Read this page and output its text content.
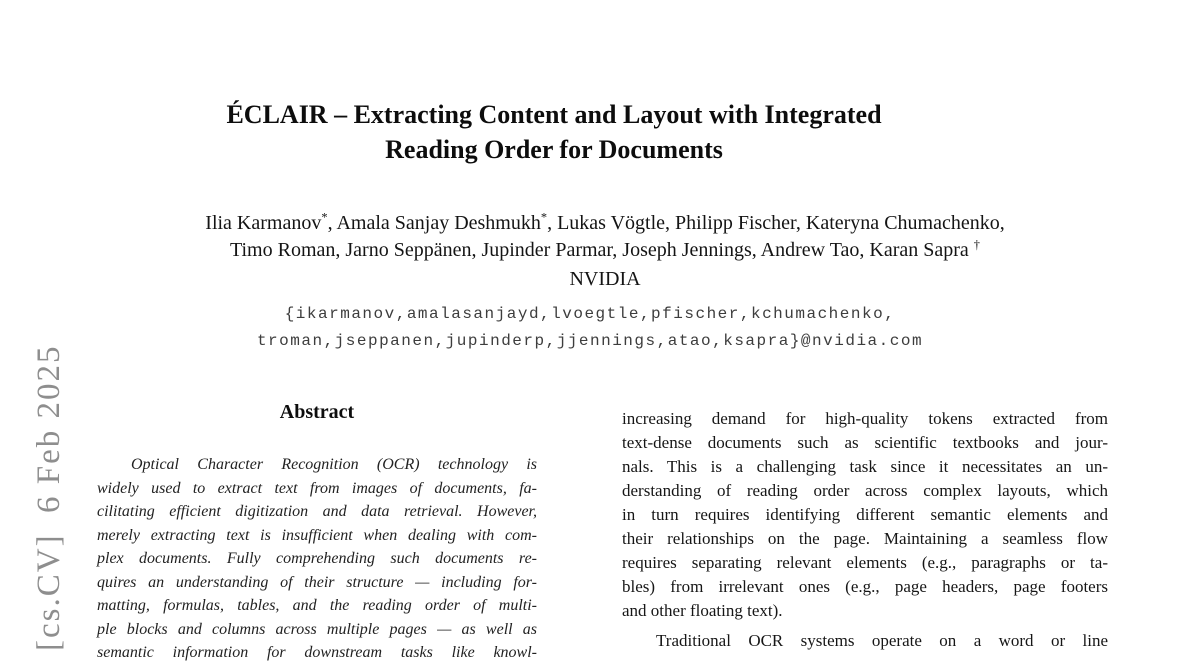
[cs.CV]  6 Feb 2025
ÉCLAIR – Extracting Content and Layout with Integrated
Reading Order for Documents
Ilia Karmanov*, Amala Sanjay Deshmukh*, Lukas Vögtle, Philipp Fischer, Kateryna Chumachenko,
Timo Roman, Jarno Seppänen, Jupinder Parmar, Joseph Jennings, Andrew Tao, Karan Sapra †
NVIDIA
{ikarmanov,amalasanjayd,lvoegtle,pfischer,kchumachenko,
troman,jseppanen,jupinderp,jjennings,atao,ksapra}@nvidia.com
Abstract
Optical Character Recognition (OCR) technology is
widely used to extract text from images of documents, fa-
cilitating efficient digitization and data retrieval. However,
merely extracting text is insufficient when dealing with com-
plex documents. Fully comprehending such documents re-
quires an understanding of their structure — including for-
matting, formulas, tables, and the reading order of multi-
ple blocks and columns across multiple pages — as well as
semantic information for downstream tasks like knowl-
increasing demand for high-quality tokens extracted from
text-dense documents such as scientific textbooks and jour-
nals. This is a challenging task since it necessitates an un-
derstanding of reading order across complex layouts, which
in turn requires identifying different semantic elements and
their relationships on the page. Maintaining a seamless flow
requires separating relevant elements (e.g., paragraphs or ta-
bles) from irrelevant ones (e.g., page headers, page footers
and other floating text).
Traditional OCR systems operate on a word or line
